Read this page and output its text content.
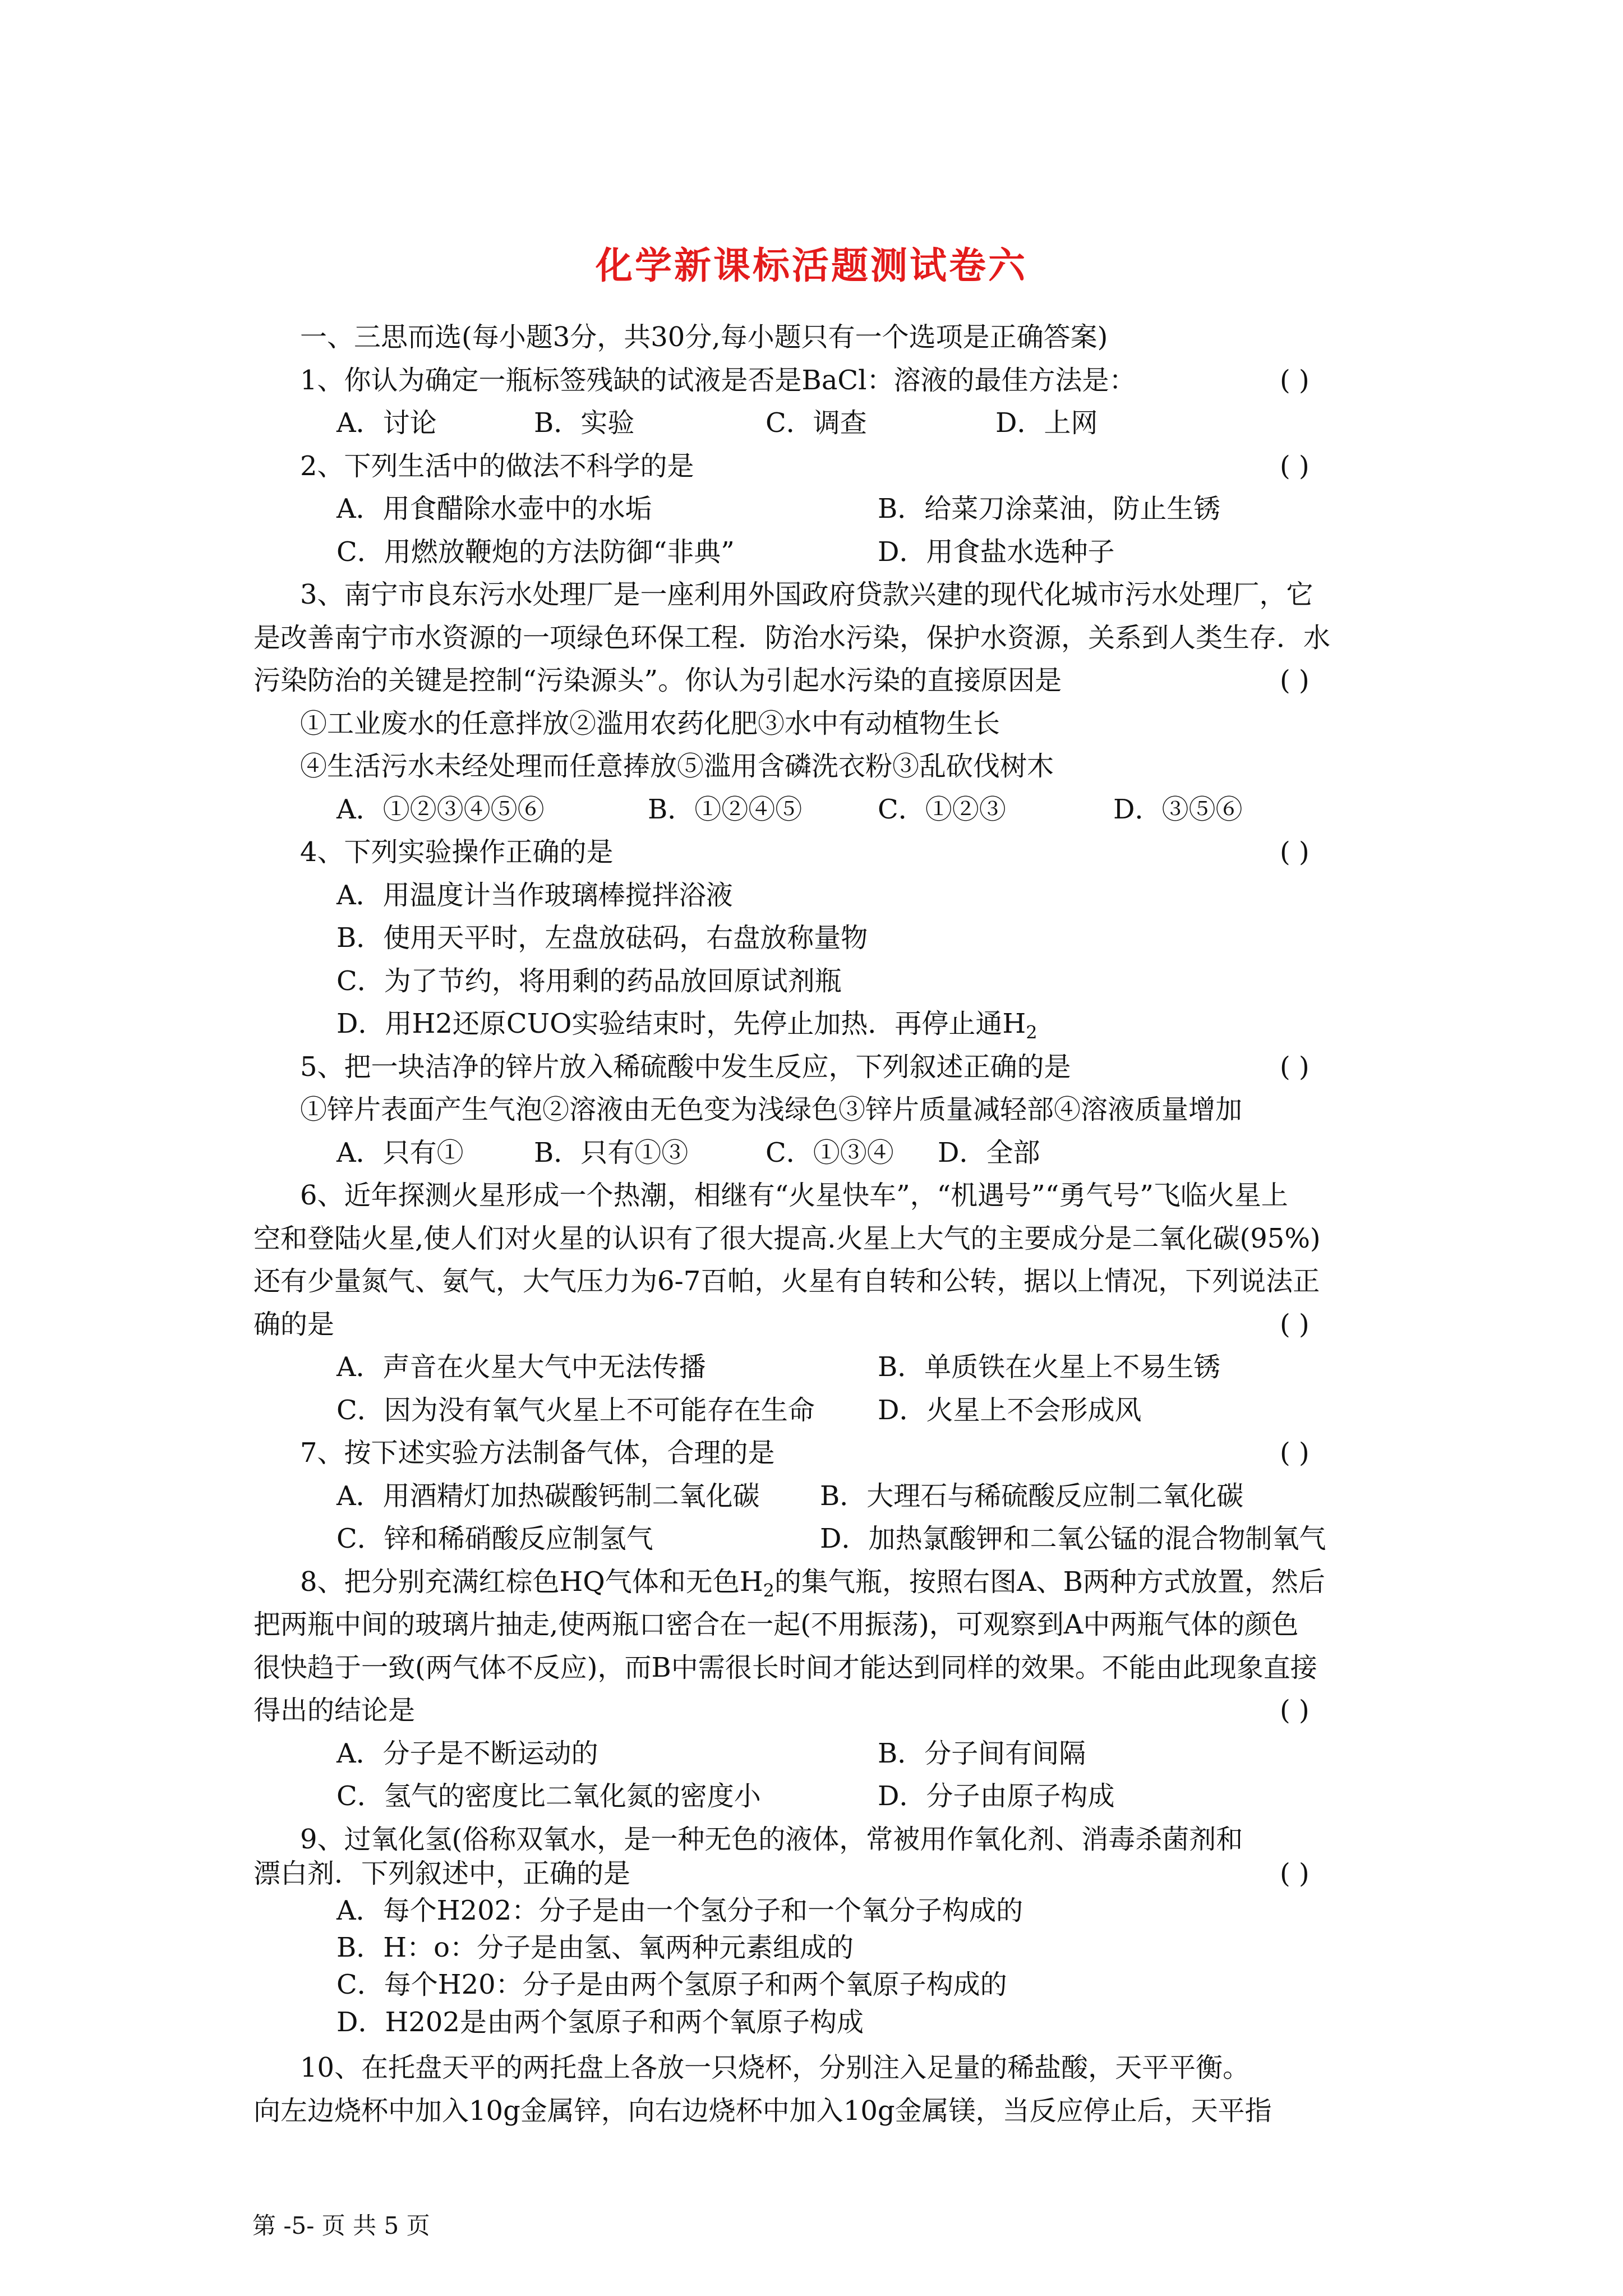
化学新课标活题测试卷六
一、三思而选(每小题3分，共30分,每小题只有一个选项是正确答案)
1、你认为确定一瓶标签残缺的试液是否是BaCl：溶液的最佳方法是：	( )
A．讨论	B．实验	C．调查	D．上网
2、下列生活中的做法不科学的是	( )
A．用食醋除水壶中的水垢	B．给菜刀涂菜油，防止生锈
C．用燃放鞭炮的方法防御“非典”	D．用食盐水选种子
3、南宁市良东污水处理厂是一座利用外国政府贷款兴建的现代化城市污水处理厂，它
是改善南宁市水资源的一项绿色环保工程．防治水污染，保护水资源，关系到人类生存．水
污染防治的关键是控制“污染源头”。你认为引起水污染的直接原因是	( )
①工业废水的任意拌放②滥用农药化肥③水中有动植物生长
④生活污水未经处理而任意捧放⑤滥用含磷洗衣粉③乱砍伐树木
A．①②③④⑤⑥	B．①②④⑤	C．①②③	D．③⑤⑥
4、下列实验操作正确的是	( )
A．用温度计当作玻璃棒搅拌浴液
B．使用天平时，左盘放砝码，右盘放称量物
C．为了节约，将用剩的药品放回原试剂瓶
D．用H2还原CUO实验结束时，先停止加热．再停止通$H_2$
5、把一块洁净的锌片放入稀硫酸中发生反应，下列叙述正确的是	( )
①锌片表面产生气泡②溶液由无色变为浅绿色③锌片质量减轻部④溶液质量增加
A．只有①	B．只有①③	C．①③④ D．全部
6、近年探测火星形成一个热潮，相继有“火星快车”，“机遇号”“勇气号”飞临火星上
空和登陆火星,使人们对火星的认识有了很大提高.火星上大气的主要成分是二氧化碳(95%)
还有少量氮气、氨气，大气压力为6-7百帕，火星有自转和公转，据以上情况，下列说法正
确的是	( )
A．声音在火星大气中无法传播	B．单质铁在火星上不易生锈
C．因为没有氧气火星上不可能存在生命 D．火星上不会形成风
7、按下述实验方法制备气体，合理的是	( )
A．用酒精灯加热碳酸钙制二氧化碳 B．大理石与稀硫酸反应制二氧化碳
C．锌和稀硝酸反应制氢气	D．加热氯酸钾和二氧公锰的混合物制氧气
8、把分别充满红棕色HQ气体和无色$H_2$的集气瓶，按照右图A、B两种方式放置，然后
把两瓶中间的玻璃片抽走,使两瓶口密合在一起(不用振荡)，可观察到A中两瓶气体的颜色
很快趋于一致(两气体不反应)，而B中需很长时间才能达到同样的效果。不能由此现象直接
得出的结论是	( )
A．分子是不断运动的	B．分子间有间隔
C．氢气的密度比二氧化氮的密度小	D．分子由原子构成
9、过氧化氢(俗称双氧水，是一种无色的液体，常被用作氧化剂、消毒杀菌剂和
漂白剂．下列叙述中，正确的是	( )
A．每个H202：分子是由一个氢分子和一个氧分子构成的
B．H：o：分子是由氢、氧两种元素组成的
C．每个H20：分子是由两个氢原子和两个氧原子构成的
D．H202是由两个氢原子和两个氧原子构成
10、在托盘天平的两托盘上各放一只烧杯，分别注入足量的稀盐酸，天平平衡。
向左边烧杯中加入10g金属锌，向右边烧杯中加入10g金属镁，当反应停止后，天平指
第 -5- 页 共 5 页
